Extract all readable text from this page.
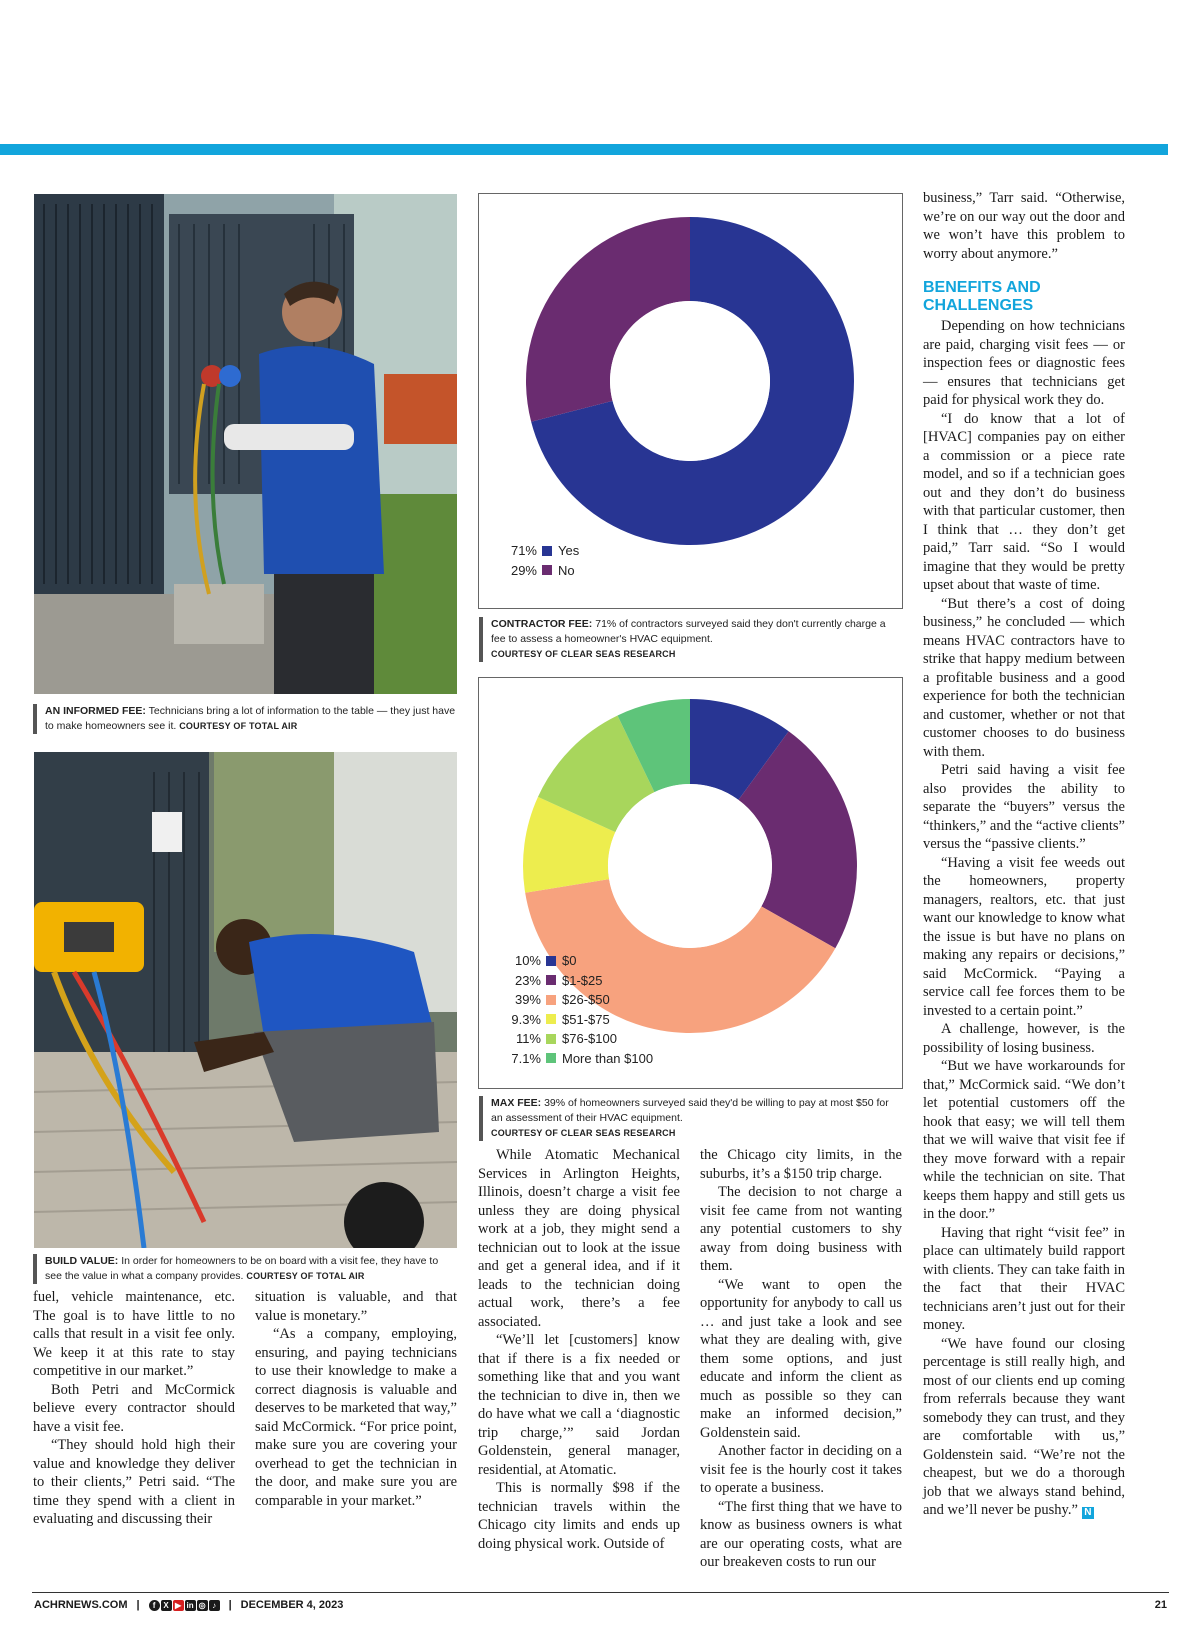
AN INFORMED FEE: Technicians bring a lot of information to the table — they just have to make homeowners see it. COURTESY OF TOTAL AIR
BUILD VALUE: In order for homeowners to be on board with a visit fee, they have to see the value in what a company provides. COURTESY OF TOTAL AIR
71% Yes
29% No
CONTRACTOR FEE: 71% of contractors surveyed said they don't currently charge a fee to assess a homeowner's HVAC equipment.
COURTESY OF CLEAR SEAS RESEARCH
10% $0
23% $1-$25
39% $26-$50
9.3% $51-$75
11% $76-$100
7.1% More than $100
MAX FEE: 39% of homeowners surveyed said they'd be willing to pay at most $50 for an assessment of their HVAC equipment.
COURTESY OF CLEAR SEAS RESEARCH

fuel, vehicle maintenance, etc. The goal is to have little to no calls that result in a visit fee only. We keep it at this rate to stay competitive in our market.”

Both Petri and McCormick believe every contractor should have a visit fee.

“They should hold high their value and knowledge they deliver to their clients,” Petri said. “The time they spend with a client in evaluating and discussing their

situation is valuable, and that value is monetary.”

“As a company, employing, ensuring, and paying technicians to use their knowledge to make a correct diagnosis is valuable and deserves to be marketed that way,” said McCormick. “For price point, make sure you are covering your overhead to get the technician in the door, and make sure you are comparable in your market.”

While Atomatic Mechanical Services in Arlington Heights, Illinois, doesn’t charge a visit fee unless they are doing physical work at a job, they might send a technician out to look at the issue and get a general idea, and if it leads to the technician doing actual work, there’s a fee associated.

“We’ll let [customers] know that if there is a fix needed or something like that and you want the technician to dive in, then we do have what we call a ‘diagnostic trip charge,’” said Jordan Goldenstein, general manager, residential, at Atomatic.

This is normally $98 if the technician travels within the Chicago city limits and ends up doing physical work. Outside of

the Chicago city limits, in the suburbs, it’s a $150 trip charge.

The decision to not charge a visit fee came from not wanting any potential customers to shy away from doing business with them.

“We want to open the opportunity for anybody to call us … and just take a look and see what they are dealing with, give them some options, and just educate and inform the client as much as possible so they can make an informed decision,” Goldenstein said.

Another factor in deciding on a visit fee is the hourly cost it takes to operate a business.

“The first thing that we have to know as business owners is what are our operating costs, what are our breakeven costs to run our

business,” Tarr said. “Otherwise, we’re on our way out the door and we won’t have this problem to worry about anymore.”

BENEFITS AND CHALLENGES

Depending on how technicians are paid, charging visit fees — or inspection fees or diagnostic fees — ensures that technicians get paid for physical work they do.

“I do know that a lot of [HVAC] companies pay on either a commission or a piece rate model, and so if a technician goes out and they don’t do business with that particular customer, then I think that … they don’t get paid,” Tarr said. “So I would imagine that they would be pretty upset about that waste of time.

“But there’s a cost of doing business,” he concluded — which means HVAC contractors have to strike that happy medium between a profitable business and a good experience for both the technician and customer, whether or not that customer chooses to do business with them.

Petri said having a visit fee also provides the ability to separate the “buyers” versus the “thinkers,” and the “active clients” versus the “passive clients.”

“Having a visit fee weeds out the homeowners, property managers, realtors, etc. that just want our knowledge to know what the issue is but have no plans on making any repairs or decisions,” said McCormick. “Paying a service call fee forces them to be invested to a certain point.”

A challenge, however, is the possibility of losing business.

“But we have workarounds for that,” McCormick said. “We don’t let potential customers off the hook that easy; we will tell them that we will waive that visit fee if they move forward with a repair while the technician on site. That keeps them happy and still gets us in the door.”

Having that right “visit fee” in place can ultimately build rapport with clients. They can take faith in the fact that their HVAC technicians aren’t just out for their money.

“We have found our closing percentage is still really high, and most of our clients end up coming from referrals because they want somebody they can trust, and they are comfortable with us,” Goldenstein said. “We’re not the cheapest, but we do a thorough job that we always stand behind, and we’ll never be pushy.” N

ACHRNEWS.COM |	f	X ▶ in ◎ ♪	| DECEMBER 4, 2023	21
